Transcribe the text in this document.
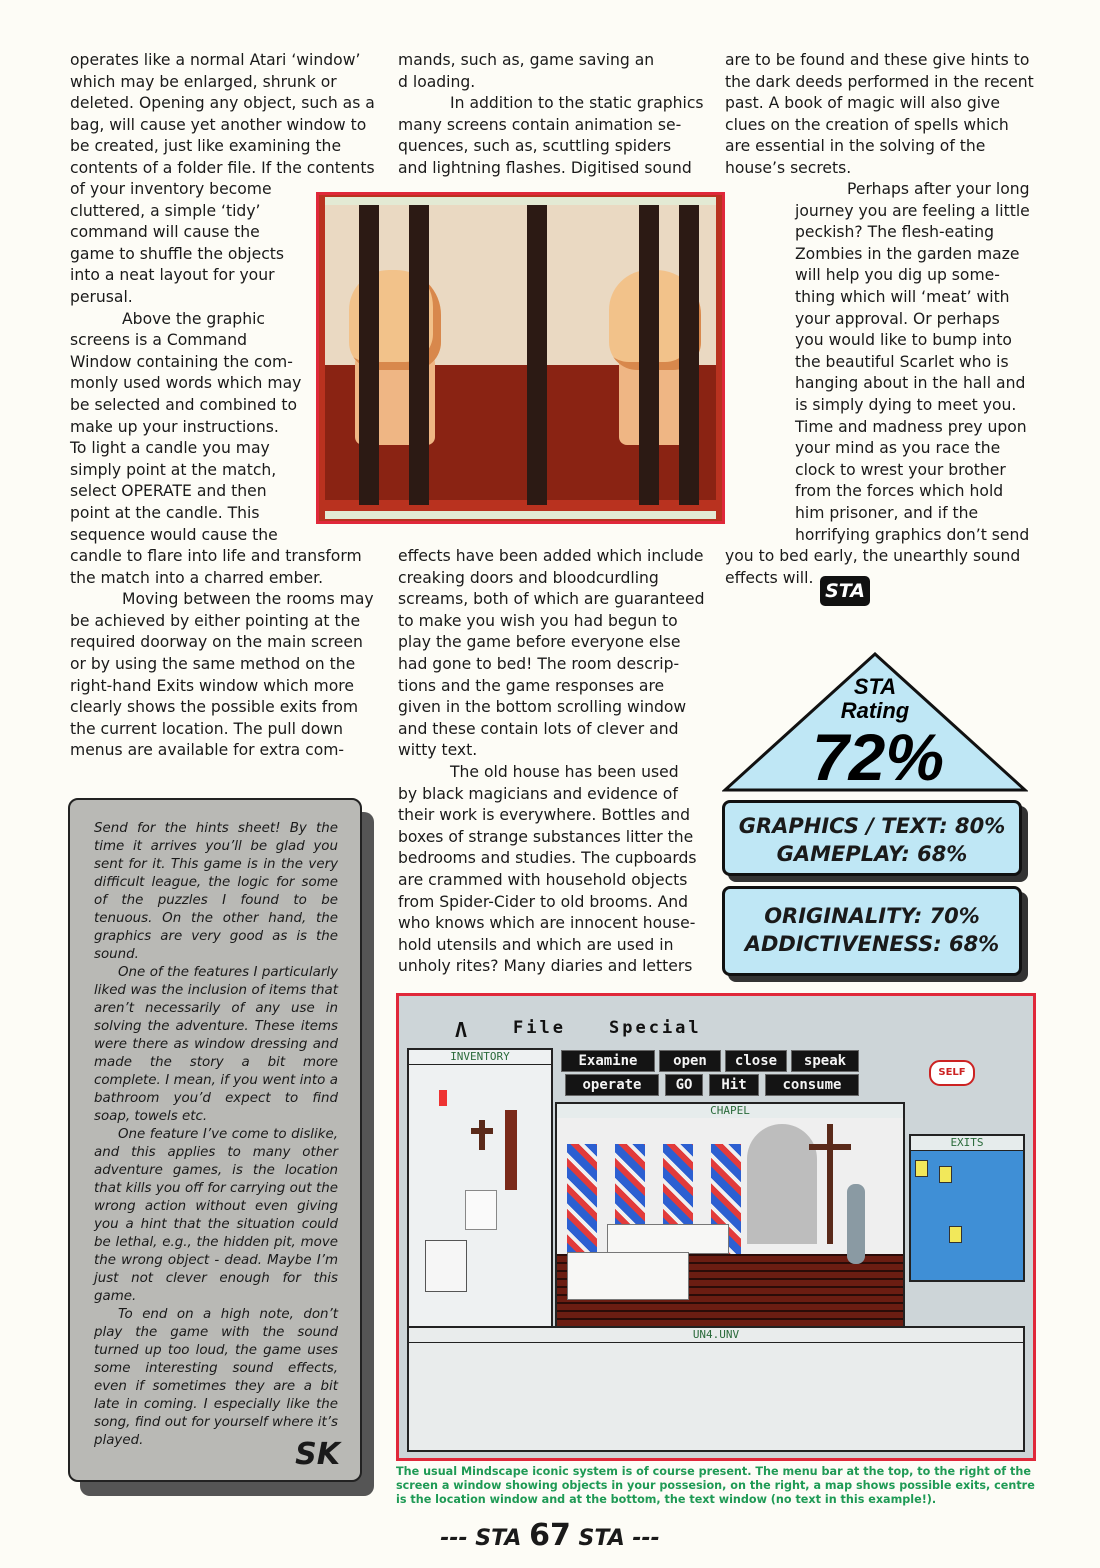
operates like a normal Atari ‘window’

which may be enlarged, shrunk or

deleted. Opening any object, such as a

bag, will cause yet another window to

be created, just like examining the

contents of a folder file. If the contents

of your inventory become

cluttered, a simple ‘tidy’

command will cause the

game to shuffle the objects

into a neat layout for your

perusal.

Above the graphic

screens is a Command

Window containing the com-

monly used words which may

be selected and combined to

make up your instructions.

To light a candle you may

simply point at the match,

select OPERATE and then

point at the candle. This

sequence would cause the

candle to flare into life and transform

the match into a charred ember.

Moving between the rooms may

be achieved by either pointing at the

required doorway on the main screen

or by using the same method on the

right-hand Exits window which more

clearly shows the possible exits from

the current location. The pull down

menus are available for extra com-

mands, such as, game saving an

d loading.

In addition to the static graphics

many screens contain animation se-

quences, such as, scuttling spiders

and lightning flashes. Digitised sound

effects have been added which include

creaking doors and bloodcurdling

screams, both of which are guaranteed

to make you wish you had begun to

play the game before everyone else

had gone to bed! The room descrip-

tions and the game responses are

given in the bottom scrolling window

and these contain lots of clever and

witty text.

The old house has been used

by black magicians and evidence of

their work is everywhere. Bottles and

boxes of strange substances litter the

bedrooms and studies. The cupboards

are crammed with household objects

from Spider-Cider to old brooms. And

who knows which are innocent house-

hold utensils and which are used in

unholy rites? Many diaries and letters

are to be found and these give hints to

the dark deeds performed in the recent

past. A book of magic will also give

clues on the creation of spells which

are essential in the solving of the

house’s secrets.

Perhaps after your long

journey you are feeling a little

peckish? The flesh-eating

Zombies in the garden maze

will help you dig up some-

thing which will ‘meat’ with

your approval. Or perhaps

you would like to bump into

the beautiful Scarlet who is

hanging about in the hall and

is simply dying to meet you.

Time and madness prey upon

your mind as you race the

clock to wrest your brother

from the forces which hold

him prisoner, and if the

horrifying graphics don’t send

you to bed early, the unearthly sound

effects will.

STA

Send for the hints sheet! By the time it arrives you’ll be glad you sent for it. This game is in the very difficult league, the logic for some of the puzzles I found to be tenuous. On the other hand, the graphics are very good as is the sound.

One of the features I particularly liked was the inclusion of items that aren’t necessarily of any use in solving the adventure. These items were there as window dressing and made the story a bit more complete. I mean, if you went into a bathroom you’d expect to find soap, towels etc.

One feature I’ve come to dislike, and this applies to many other adventure games, is the location that kills you off for carrying out the wrong action without even giving you a hint that the situation could be lethal, e.g., the hidden pit, move the wrong object - dead. Maybe I’m just not clever enough for this game.

To end on a high note, don’t play the game with the sound turned up too loud, the game uses some interesting sound effects, even if sometimes they are a bit late in coming. I especially like the song, find out for yourself where it’s played.	SK
STA
Rating
72%
GRAPHICS / TEXT: 80%
GAMEPLAY: 68%
ORIGINALITY: 70%
ADDICTIVENESS: 68%
Λ	File	Special
INVENTORY	Examine	open	close	speak
operate	GO	Hit	consume
SELF
CHAPEL
EXITS
UN4.UNV

The usual Mindscape iconic system is of course present. The menu bar at the top, to the right of the screen a window showing objects in your possesion, on the right, a map shows possible exits, centre is the location window and at the bottom, the text window (no text in this example!).

--- STA 67 STA ---
